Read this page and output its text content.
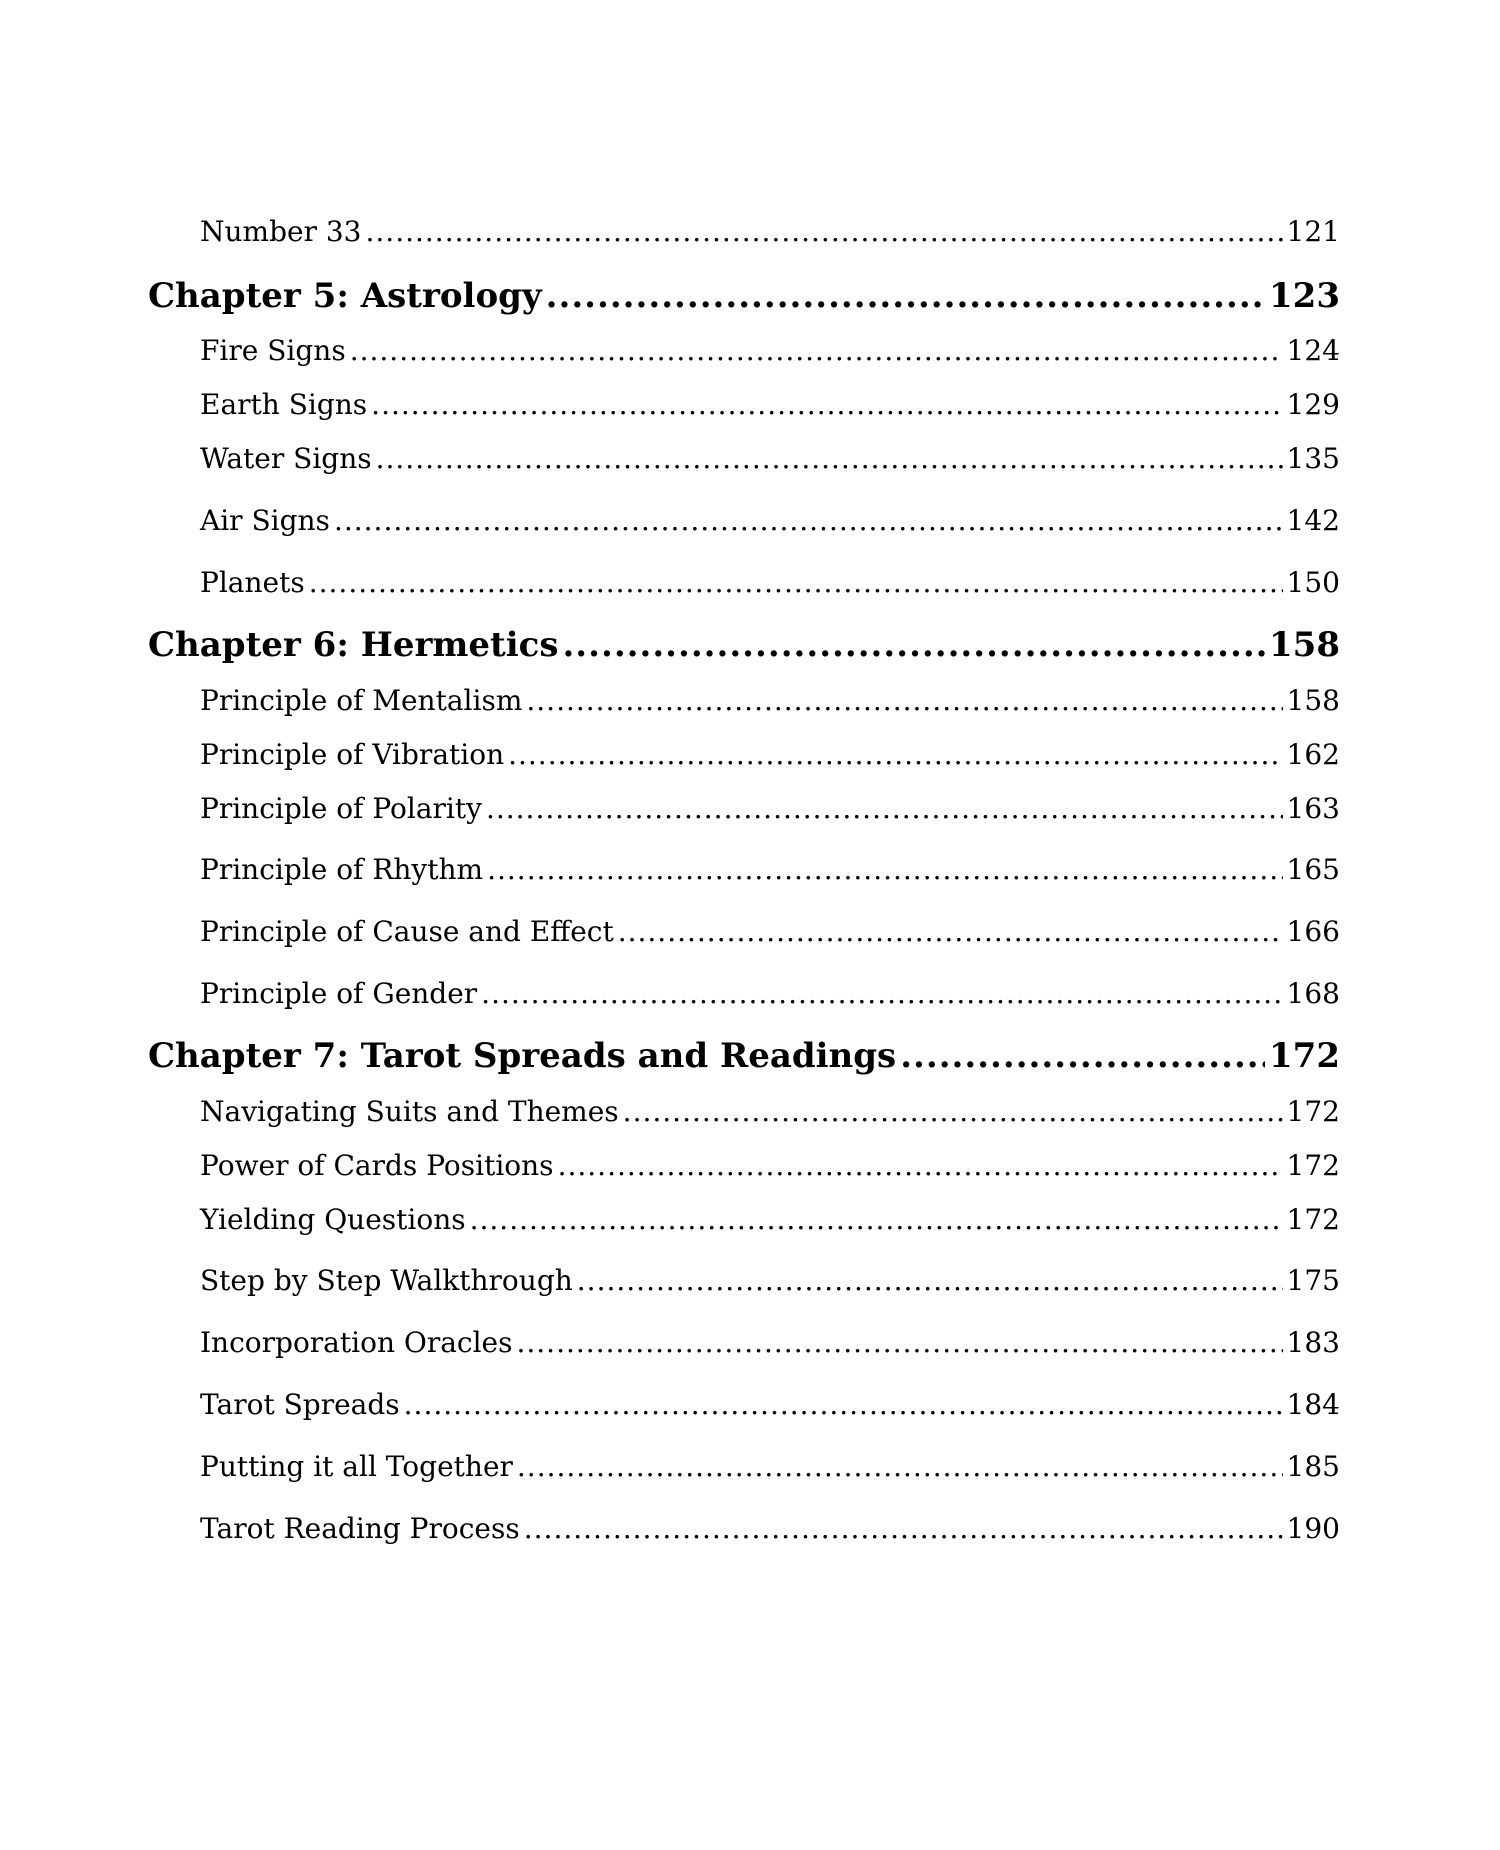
Number 33 .....	121
Chapter 5: Astrology .....	123
Fire Signs .....	124
Earth Signs .....	129
Water Signs .....	135
Air Signs .....	142
Planets .....	150
Chapter 6: Hermetics .....	158
Principle of Mentalism .....	158
Principle of Vibration .....	162
Principle of Polarity .....	163
Principle of Rhythm .....	165
Principle of Cause and Effect .....	166
Principle of Gender .....	168
Chapter 7: Tarot Spreads and Readings .....	172
Navigating Suits and Themes .....	172
Power of Cards Positions .....	172
Yielding Questions .....	172
Step by Step Walkthrough .....	175
Incorporation Oracles .....	183
Tarot Spreads .....	184
Putting it all Together .....	185
Tarot Reading Process .....	190
